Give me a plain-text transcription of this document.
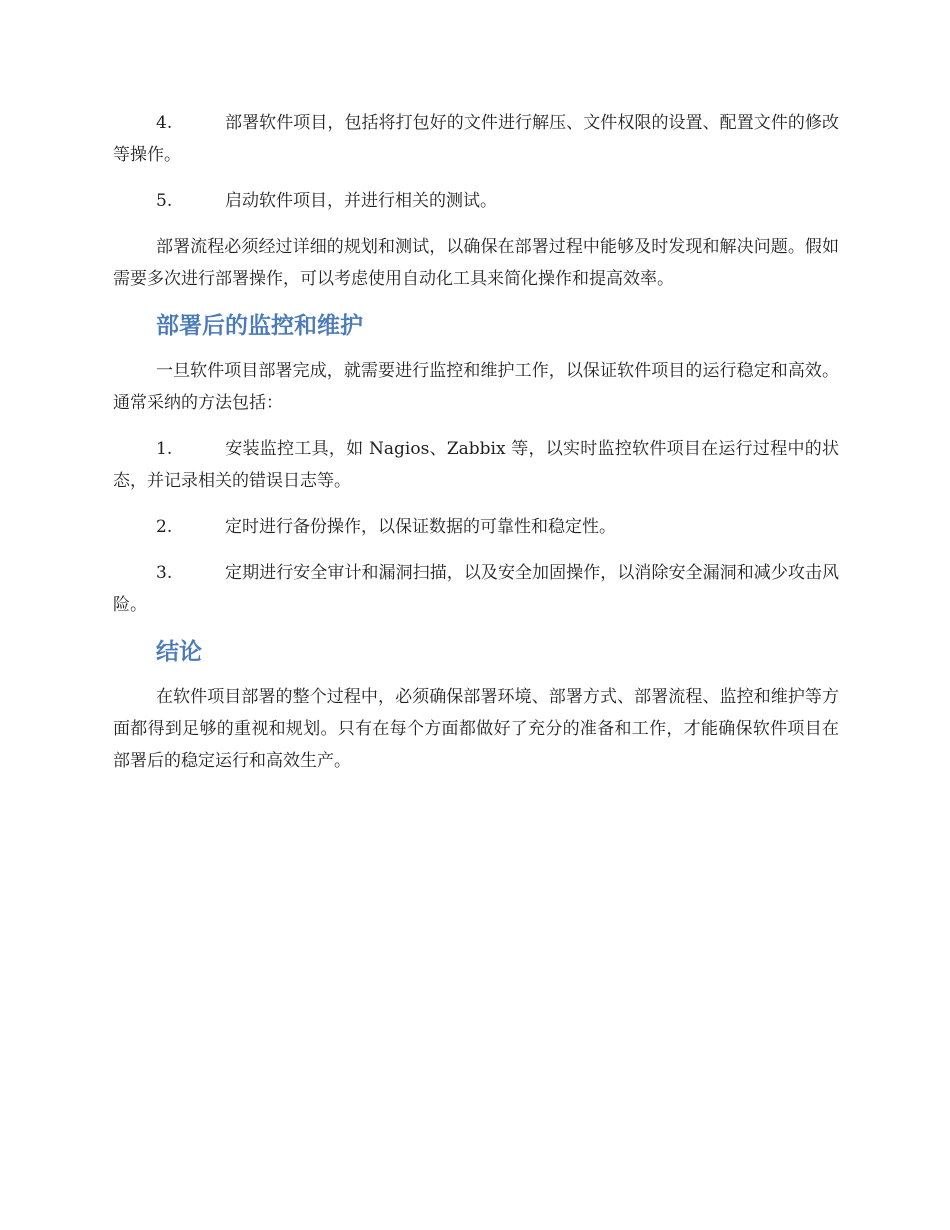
4.	部署软件项目，包括将打包好的文件进行解压、文件权限的设置、配置文件的修改等操作。

5.	启动软件项目，并进行相关的测试。

部署流程必须经过详细的规划和测试，以确保在部署过程中能够及时发现和解决问题。假如需要多次进行部署操作，可以考虑使用自动化工具来简化操作和提高效率。

部署后的监控和维护

一旦软件项目部署完成，就需要进行监控和维护工作，以保证软件项目的运行稳定和高效。通常采纳的方法包括：

1.	安装监控工具，如 Nagios、Zabbix 等，以实时监控软件项目在运行过程中的状态，并记录相关的错误日志等。

2.	定时进行备份操作，以保证数据的可靠性和稳定性。

3.	定期进行安全审计和漏洞扫描，以及安全加固操作，以消除安全漏洞和减少攻击风险。

结论

在软件项目部署的整个过程中，必须确保部署环境、部署方式、部署流程、监控和维护等方面都得到足够的重视和规划。只有在每个方面都做好了充分的准备和工作，才能确保软件项目在部署后的稳定运行和高效生产。
